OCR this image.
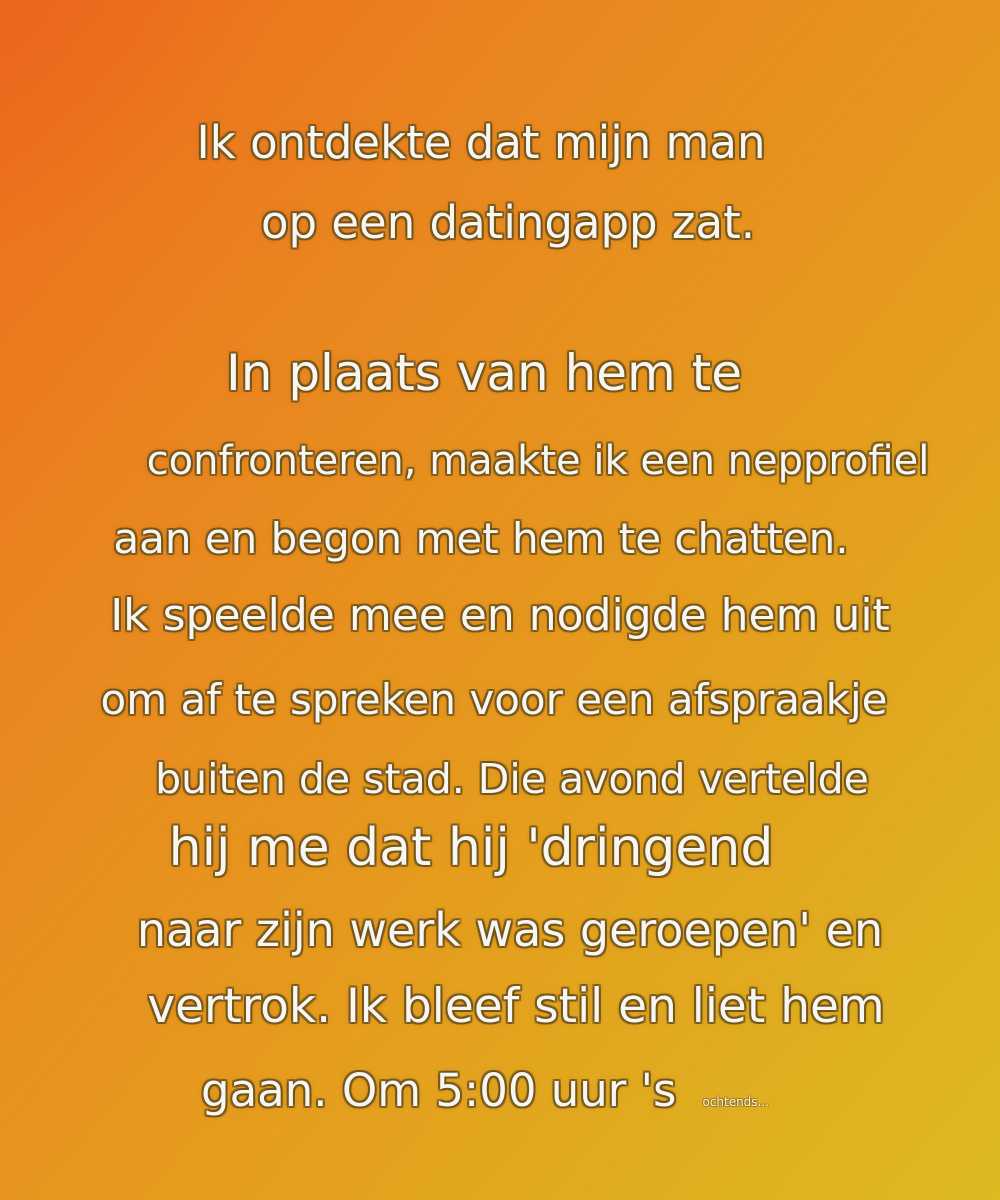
Ik ontdekte dat mijn man
op een datingapp zat.
In plaats van hem te
confronteren, maakte ik een nepprofiel
aan en begon met hem te chatten.
Ik speelde mee en nodigde hem uit
om af te spreken voor een afspraakje
buiten de stad. Die avond vertelde
hij me dat hij 'dringend
naar zijn werk was geroepen' en
vertrok. Ik bleef stil en liet hem
gaan. Om 5:00 uur 's ochtends...
